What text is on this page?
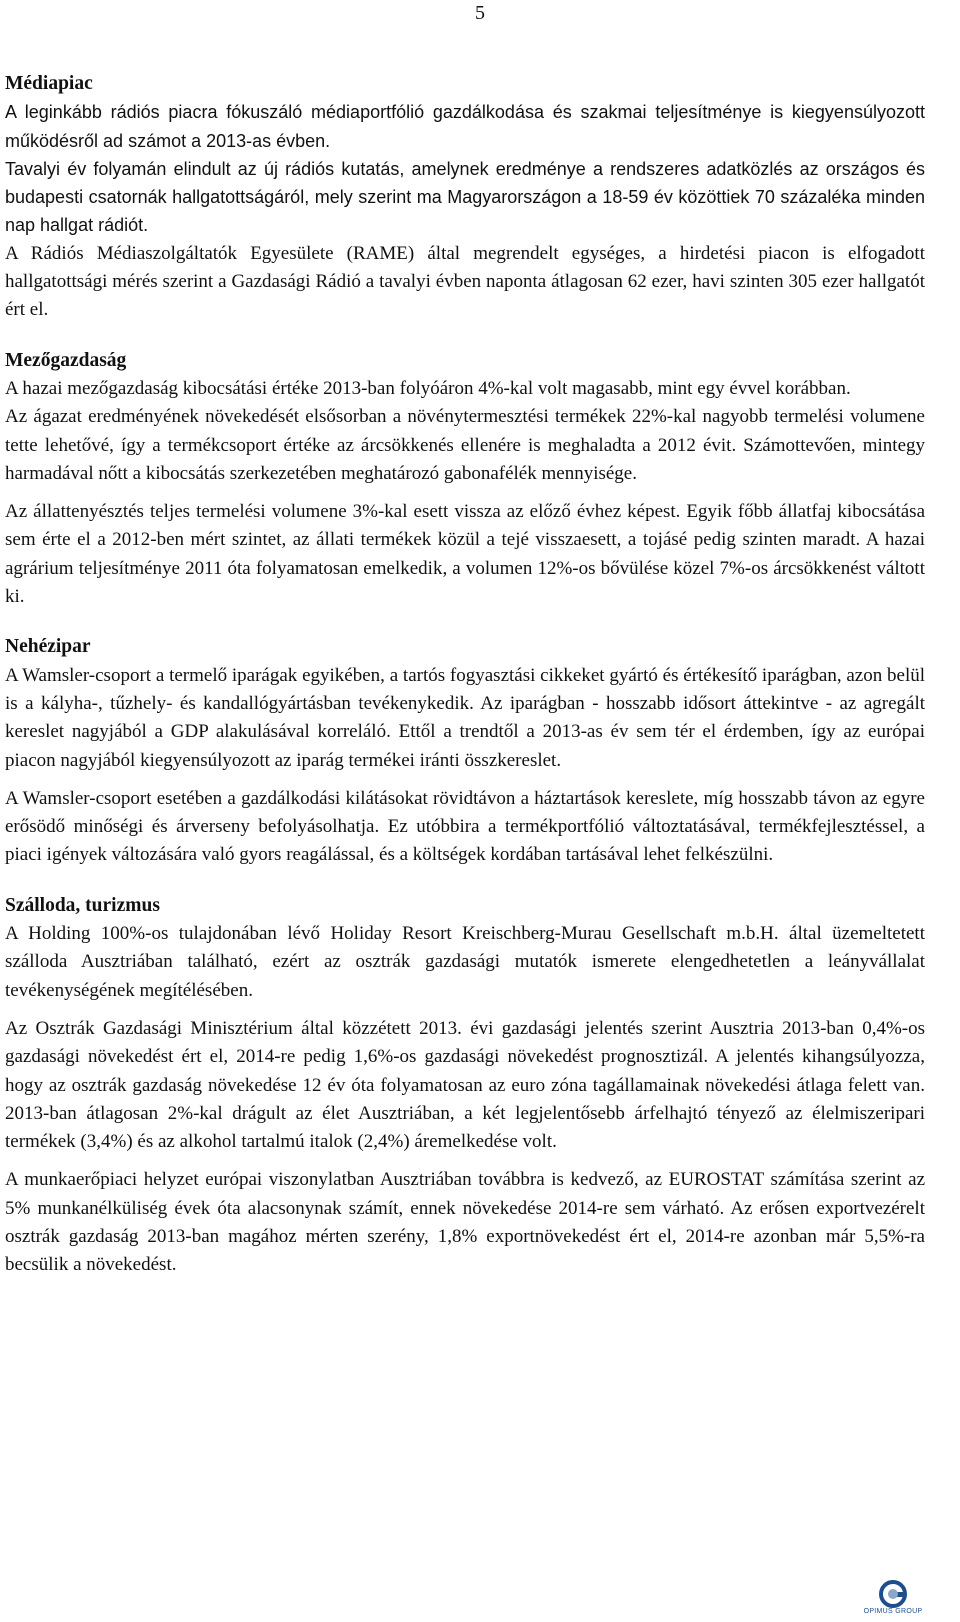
5
Médiapiac

A leginkább rádiós piacra fókuszáló médiaportfólió gazdálkodása és szakmai teljesítménye is kiegyensúlyozott működésről ad számot a 2013-as évben.

Tavalyi év folyamán elindult az új rádiós kutatás, amelynek eredménye a rendszeres adatközlés az országos és budapesti csatornák hallgatottságáról, mely szerint ma Magyarországon a 18-59 év közöttiek 70 százaléka minden nap hallgat rádiót.

A Rádiós Médiaszolgáltatók Egyesülete (RAME) által megrendelt egységes, a hirdetési piacon is elfogadott hallgatottsági mérés szerint a Gazdasági Rádió a tavalyi évben naponta átlagosan 62 ezer, havi szinten 305 ezer hallgatót ért el.

Mezőgazdaság

A hazai mezőgazdaság kibocsátási értéke 2013-ban folyóáron 4%-kal volt magasabb, mint egy évvel korábban.

Az ágazat eredményének növekedését elsősorban a növénytermesztési termékek 22%-kal nagyobb termelési volumene tette lehetővé, így a termékcsoport értéke az árcsökkenés ellenére is meghaladta a 2012 évit. Számottevően, mintegy harmadával nőtt a kibocsátás szerkezetében meghatározó gabonafélék mennyisége.

Az állattenyésztés teljes termelési volumene 3%-kal esett vissza az előző évhez képest. Egyik főbb állatfaj kibocsátása sem érte el a 2012-ben mért szintet, az állati termékek közül a tejé visszaesett, a tojásé pedig szinten maradt. A hazai agrárium teljesítménye 2011 óta folyamatosan emelkedik, a volumen 12%-os bővülése közel 7%-os árcsökkenést váltott ki.

Nehézipar

A Wamsler-csoport a termelő iparágak egyikében, a tartós fogyasztási cikkeket gyártó és értékesítő iparágban, azon belül is a kályha-, tűzhely- és kandallógyártásban tevékenykedik. Az iparágban - hosszabb idősort áttekintve - az agregált kereslet nagyjából a GDP alakulásával korreláló. Ettől a trendtől a 2013-as év sem tér el érdemben, így az európai piacon nagyjából kiegyensúlyozott az iparág termékei iránti összkereslet.

A Wamsler-csoport esetében a gazdálkodási kilátásokat rövidtávon a háztartások kereslete, míg hosszabb távon az egyre erősödő minőségi és árverseny befolyásolhatja. Ez utóbbira a termékportfólió változtatásával, termékfejlesztéssel, a piaci igények változására való gyors reagálással, és a költségek kordában tartásával lehet felkészülni.

Szálloda, turizmus

A Holding 100%-os tulajdonában lévő Holiday Resort Kreischberg-Murau Gesellschaft m.b.H. által üzemeltetett szálloda Ausztriában található, ezért az osztrák gazdasági mutatók ismerete elengedhetetlen a leányvállalat tevékenységének megítélésében.

Az Osztrák Gazdasági Minisztérium által közzétett 2013. évi gazdasági jelentés szerint Ausztria 2013-ban 0,4%-os gazdasági növekedést ért el, 2014-re pedig 1,6%-os gazdasági növekedést prognosztizál. A jelentés kihangsúlyozza, hogy az osztrák gazdaság növekedése 12 év óta folyamatosan az euro zóna tagállamainak növekedési átlaga felett van. 2013-ban átlagosan 2%-kal drágult az élet Ausztriában, a két legjelentősebb árfelhajtó tényező az élelmiszeripari termékek (3,4%) és az alkohol tartalmú italok (2,4%) áremelkedése volt.

A munkaerőpiaci helyzet európai viszonylatban Ausztriában továbbra is kedvező, az EUROSTAT számítása szerint az 5% munkanélküliség évek óta alacsonynak számít, ennek növekedése 2014-re sem várható. Az erősen exportvezérelt osztrák gazdaság 2013-ban magához mérten szerény, 1,8% exportnövekedést ért el, 2014-re azonban már 5,5%-ra becsülik a növekedést.

OPIMUS GROUP
